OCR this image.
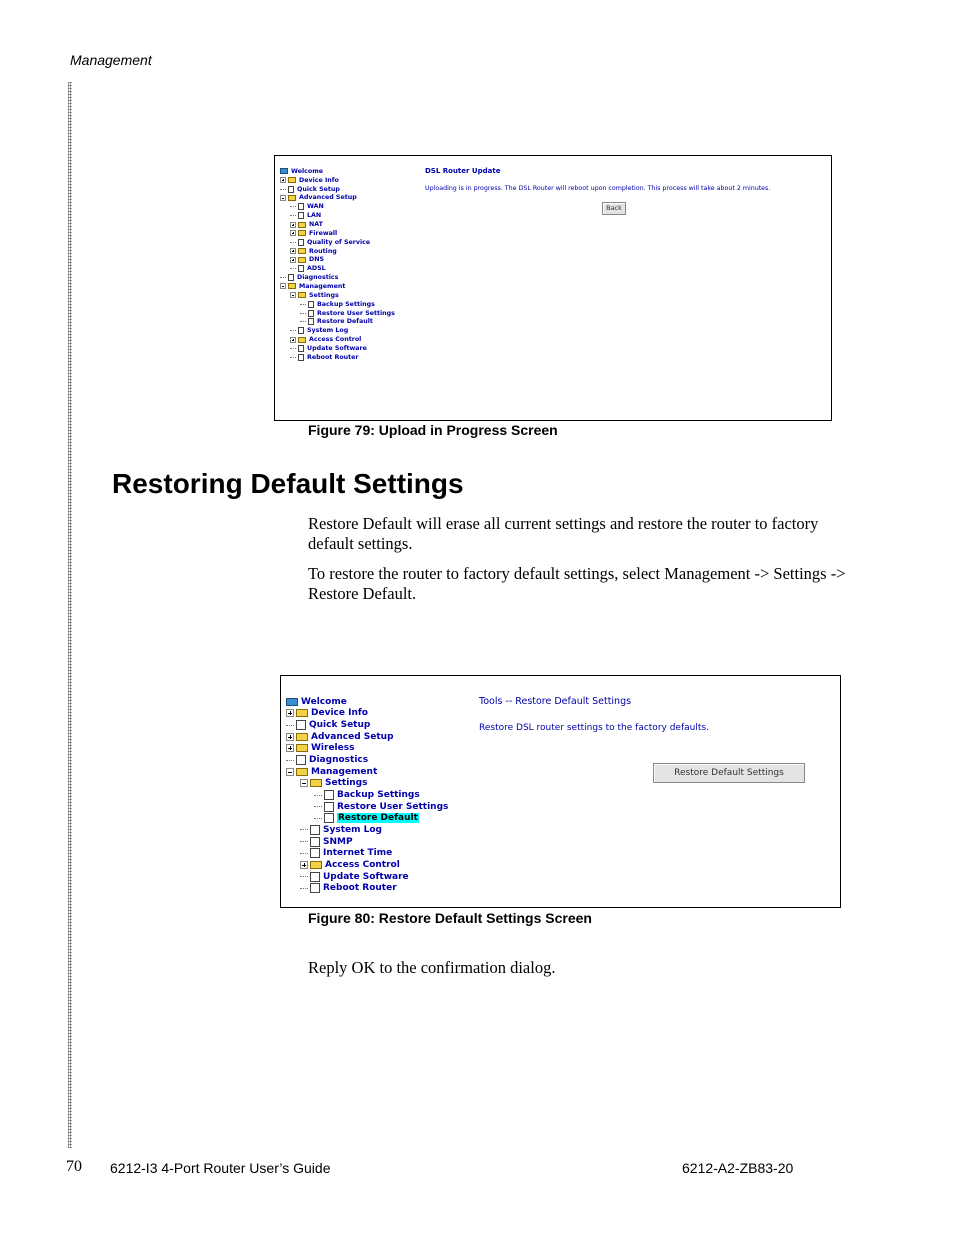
Management
Welcome
Device Info
Quick Setup
Advanced Setup
WAN
LAN
NAT
Firewall
Quality of Service
Routing
DNS
ADSL
Diagnostics
Management
Settings
Backup Settings
Restore User Settings
Restore Default
System Log
Access Control
Update Software
Reboot Router
DSL Router Update
Uploading is in progress. The DSL Router will reboot upon completion. This process will take about 2 minutes.
Back
Figure 79: Upload in Progress Screen
Restoring Default Settings

Restore Default will erase all current settings and restore the router to factory default settings.

To restore the router to factory default settings, select Management -> Settings -> Restore Default.

Welcome
Device Info
Quick Setup
Advanced Setup
Wireless
Diagnostics
Management
Settings
Backup Settings
Restore User Settings
Restore Default
System Log
SNMP
Internet Time
Access Control
Update Software
Reboot Router
Tools -- Restore Default Settings
Restore DSL router settings to the factory defaults.
Restore Default Settings
Figure 80: Restore Default Settings Screen

Reply OK to the confirmation dialog.

70 6212-I3 4-Port Router User’s Guide	6212-A2-ZB83-20
